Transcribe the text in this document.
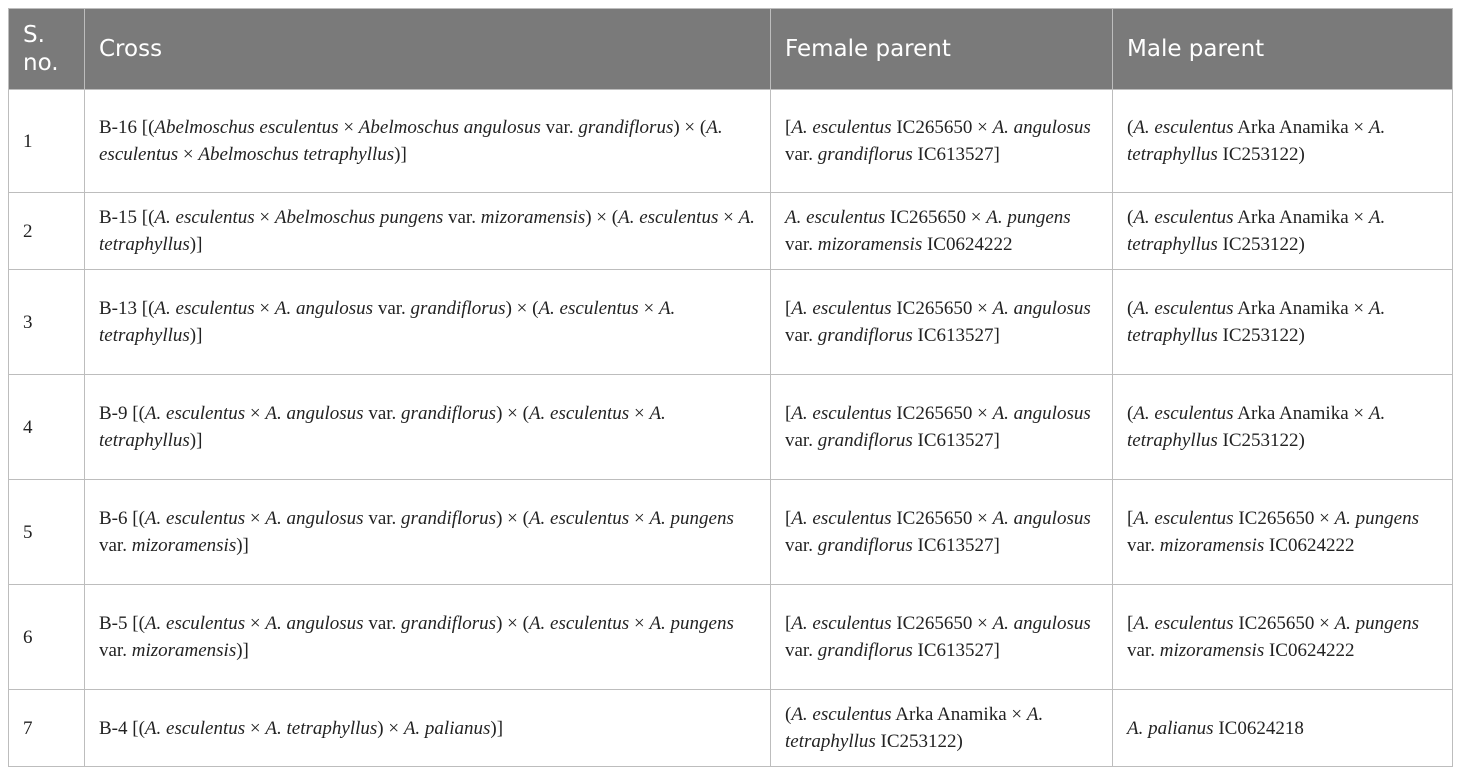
S.
no.	Cross	Female parent	Male parent
1	B-16 [(Abelmoschus esculentus × Abelmoschus angulosus var. grandiflorus) × (A. esculentus × Abelmoschus tetraphyllus)]	[A. esculentus IC265650 × A. angulosus var. grandiflorus IC613527]	(A. esculentus Arka Anamika × A. tetraphyllus IC253122)
2	B-15 [(A. esculentus × Abelmoschus pungens var. mizoramensis) × (A. esculentus × A. tetraphyllus)]	A. esculentus IC265650 × A. pungens var. mizoramensis IC0624222	(A. esculentus Arka Anamika × A. tetraphyllus IC253122)
3	B-13 [(A. esculentus × A. angulosus var. grandiflorus) × (A. esculentus × A. tetraphyllus)]	[A. esculentus IC265650 × A. angulosus var. grandiflorus IC613527]	(A. esculentus Arka Anamika × A. tetraphyllus IC253122)
4	B-9 [(A. esculentus × A. angulosus var. grandiflorus) × (A. esculentus × A. tetraphyllus)]	[A. esculentus IC265650 × A. angulosus var. grandiflorus IC613527]	(A. esculentus Arka Anamika × A. tetraphyllus IC253122)
5	B-6 [(A. esculentus × A. angulosus var. grandiflorus) × (A. esculentus × A. pungens var. mizoramensis)]	[A. esculentus IC265650 × A. angulosus var. grandiflorus IC613527]	[A. esculentus IC265650 × A. pungens var. mizoramensis IC0624222
6	B-5 [(A. esculentus × A. angulosus var. grandiflorus) × (A. esculentus × A. pungens var. mizoramensis)]	[A. esculentus IC265650 × A. angulosus var. grandiflorus IC613527]	[A. esculentus IC265650 × A. pungens var. mizoramensis IC0624222
7	B-4 [(A. esculentus × A. tetraphyllus) × A. palianus)]	(A. esculentus Arka Anamika × A. tetraphyllus IC253122)	A. palianus IC0624218
